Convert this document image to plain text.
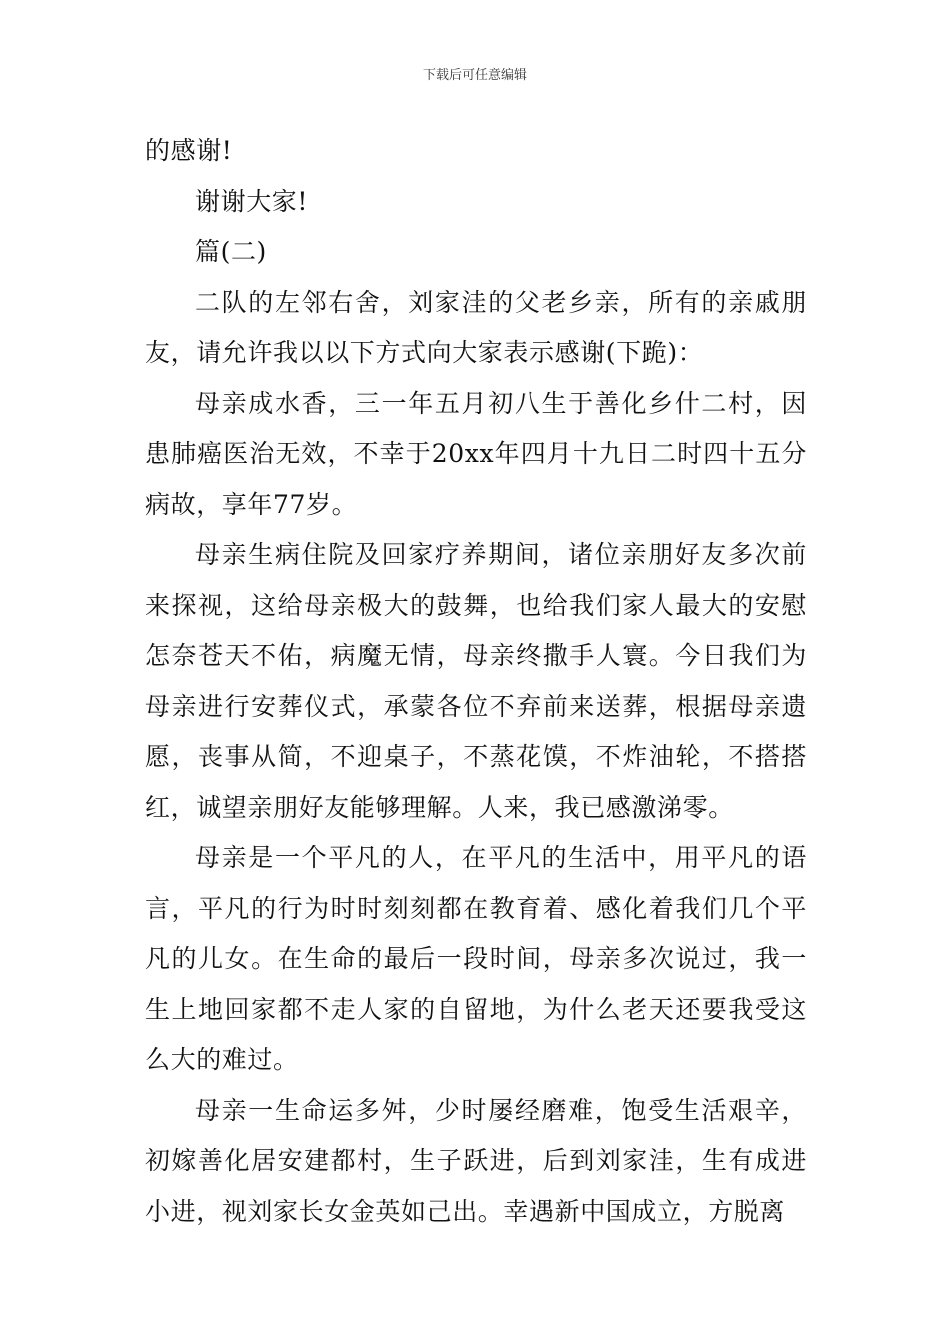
下载后可任意编辑

的感谢!

谢谢大家!

篇(二)

二队的左邻右舍，刘家洼的父老乡亲，所有的亲戚朋友，请允许我以以下方式向大家表示感谢(下跪)：

母亲成水香，三一年五月初八生于善化乡什二村，因患肺癌医治无效，不幸于20xx年四月十九日二时四十五分病故，享年77岁。

母亲生病住院及回家疗养期间，诸位亲朋好友多次前来探视，这给母亲极大的鼓舞，也给我们家人最大的安慰怎奈苍天不佑，病魔无情，母亲终撒手人寰。今日我们为母亲进行安葬仪式，承蒙各位不弃前来送葬，根据母亲遗愿，丧事从简，不迎桌子，不蒸花馍，不炸油轮，不搭搭红，诚望亲朋好友能够理解。人来，我已感激涕零。

母亲是一个平凡的人，在平凡的生活中，用平凡的语言，平凡的行为时时刻刻都在教育着、感化着我们几个平凡的儿女。在生命的最后一段时间，母亲多次说过，我一生上地回家都不走人家的自留地，为什么老天还要我受这么大的难过。

母亲一生命运多舛，少时屡经磨难，饱受生活艰辛，初嫁善化居安建都村，生子跃进，后到刘家洼，生有成进小进，视刘家长女金英如己出。幸遇新中国成立，方脱离
